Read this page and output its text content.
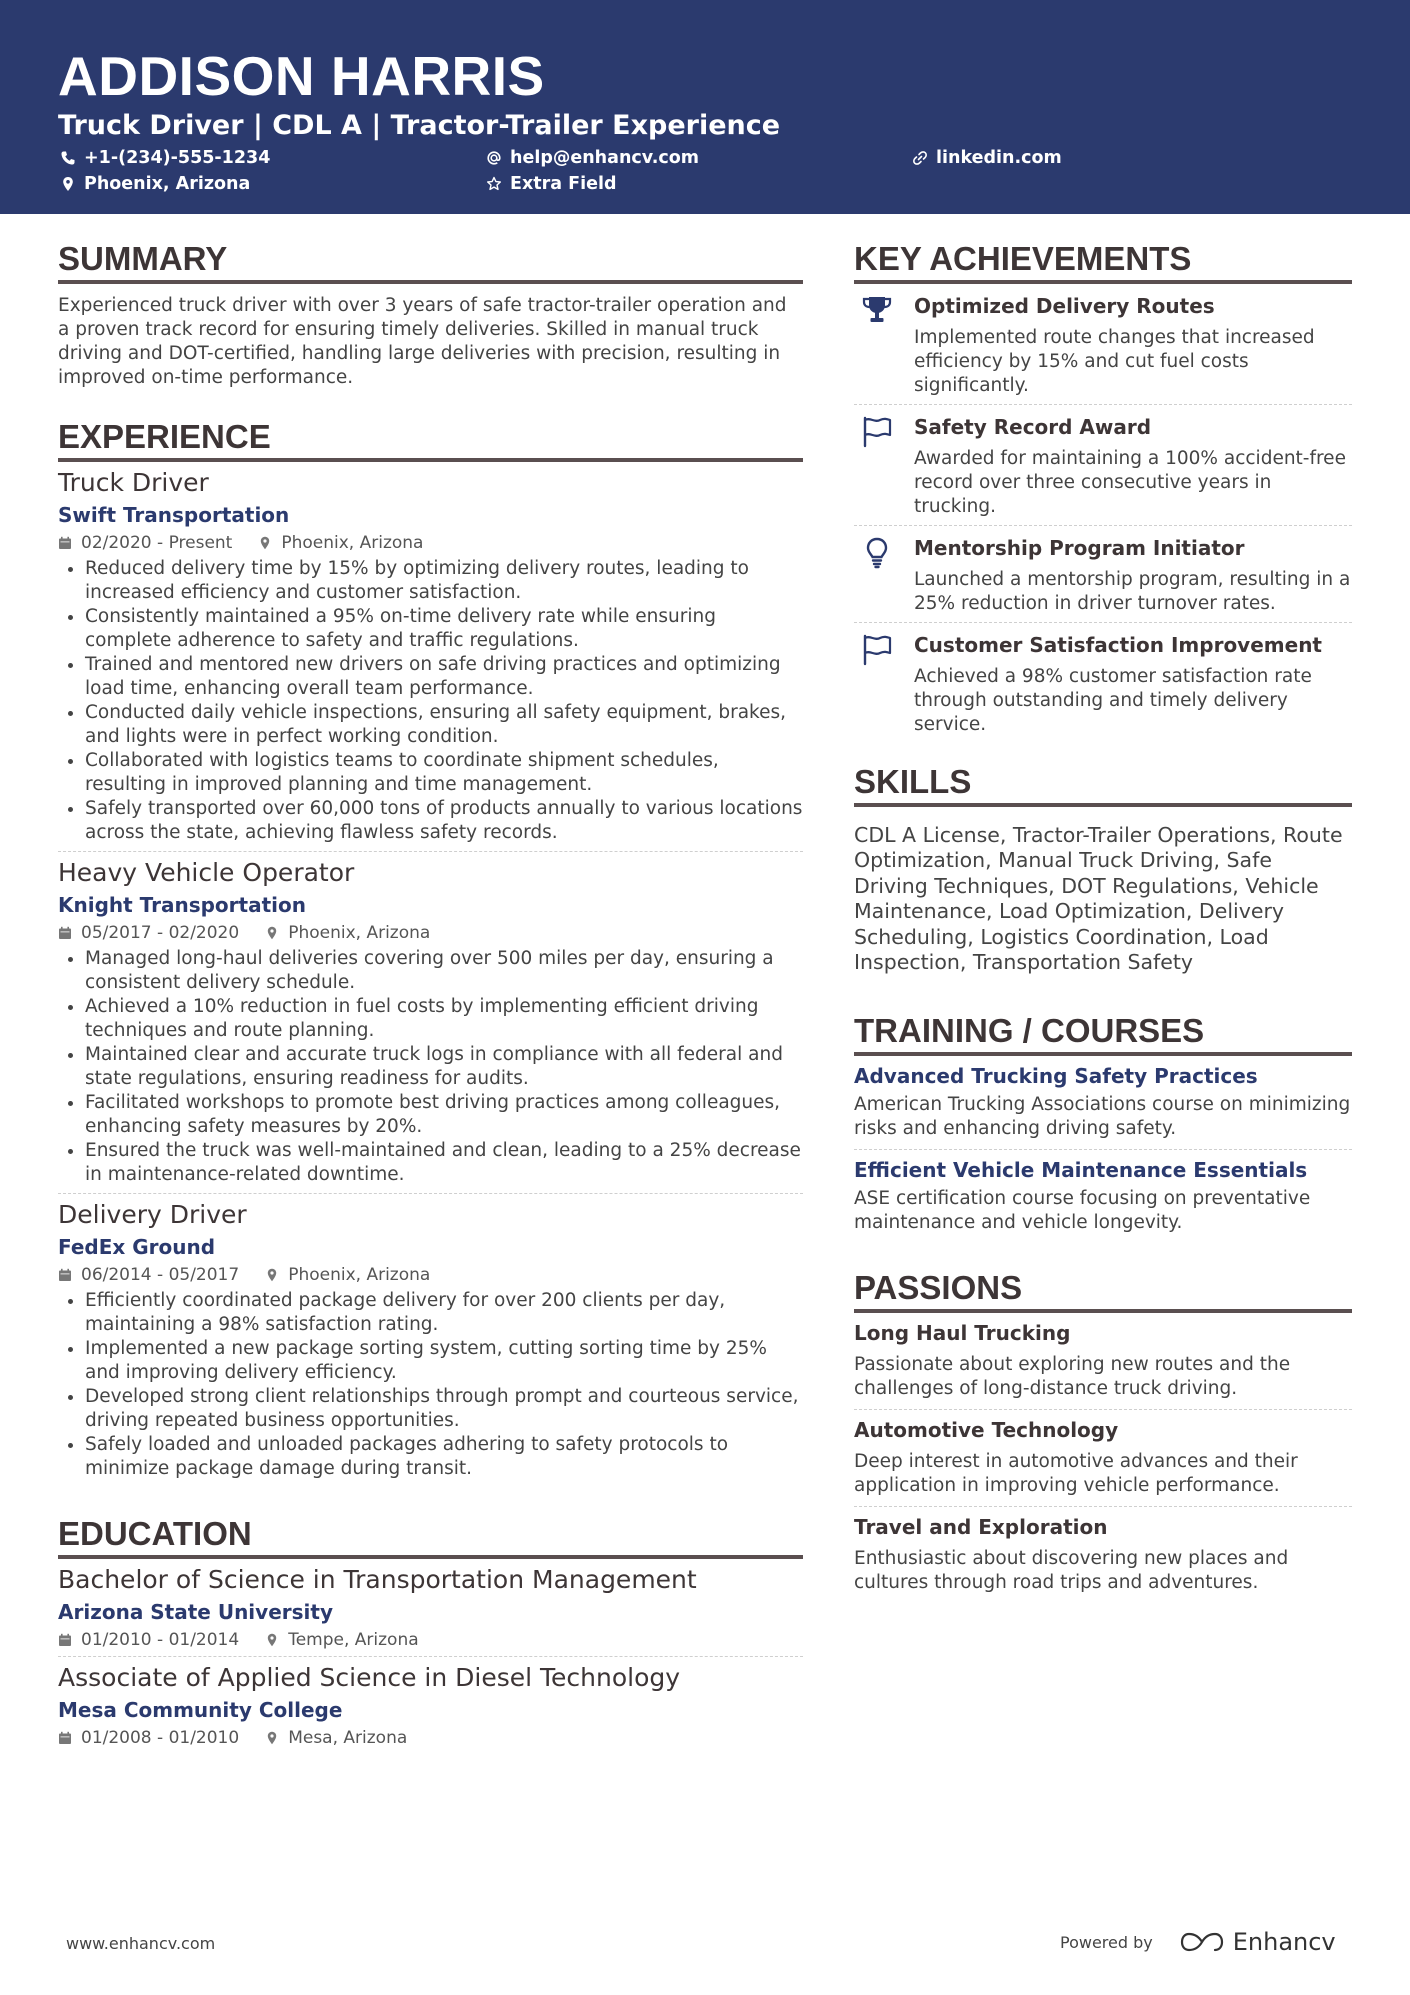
ADDISON HARRIS
Truck Driver | CDL A | Tractor-Trailer Experience
+1-(234)-555-1234	help@enhancv.com	linkedin.com
Phoenix, Arizona	Extra Field
SUMMARY

Experienced truck driver with over 3 years of safe tractor-trailer operation and a proven track record for ensuring timely deliveries. Skilled in manual truck driving and DOT-certified, handling large deliveries with precision, resulting in improved on-time performance.

EXPERIENCE
Truck Driver
Swift Transportation
02/2020 - Present	Phoenix, Arizona
• Reduced delivery time by 15% by optimizing delivery routes, leading to increased efficiency and customer satisfaction.
• Consistently maintained a 95% on-time delivery rate while ensuring complete adherence to safety and traffic regulations.
• Trained and mentored new drivers on safe driving practices and optimizing load time, enhancing overall team performance.
• Conducted daily vehicle inspections, ensuring all safety equipment, brakes, and lights were in perfect working condition.
• Collaborated with logistics teams to coordinate shipment schedules, resulting in improved planning and time management.
• Safely transported over 60,000 tons of products annually to various locations across the state, achieving flawless safety records.
Heavy Vehicle Operator
Knight Transportation
05/2017 - 02/2020	Phoenix, Arizona
• Managed long-haul deliveries covering over 500 miles per day, ensuring a consistent delivery schedule.
• Achieved a 10% reduction in fuel costs by implementing efficient driving techniques and route planning.
• Maintained clear and accurate truck logs in compliance with all federal and state regulations, ensuring readiness for audits.
• Facilitated workshops to promote best driving practices among colleagues, enhancing safety measures by 20%.
• Ensured the truck was well-maintained and clean, leading to a 25% decrease in maintenance-related downtime.
Delivery Driver
FedEx Ground
06/2014 - 05/2017	Phoenix, Arizona
• Efficiently coordinated package delivery for over 200 clients per day, maintaining a 98% satisfaction rating.
• Implemented a new package sorting system, cutting sorting time by 25% and improving delivery efficiency.
• Developed strong client relationships through prompt and courteous service, driving repeated business opportunities.
• Safely loaded and unloaded packages adhering to safety protocols to minimize package damage during transit.
EDUCATION
Bachelor of Science in Transportation Management
Arizona State University
01/2010 - 01/2014	Tempe, Arizona
Associate of Applied Science in Diesel Technology
Mesa Community College
01/2008 - 01/2010	Mesa, Arizona
KEY ACHIEVEMENTS
Optimized Delivery Routes
Implemented route changes that increased efficiency by 15% and cut fuel costs significantly.
Safety Record Award
Awarded for maintaining a 100% accident-free record over three consecutive years in trucking.
Mentorship Program Initiator
Launched a mentorship program, resulting in a 25% reduction in driver turnover rates.
Customer Satisfaction Improvement
Achieved a 98% customer satisfaction rate through outstanding and timely delivery service.
SKILLS
CDL A License, Tractor-Trailer Operations, Route Optimization, Manual Truck Driving, Safe Driving Techniques, DOT Regulations, Vehicle Maintenance, Load Optimization, Delivery Scheduling, Logistics Coordination, Load Inspection, Transportation Safety
TRAINING / COURSES
Advanced Trucking Safety Practices
American Trucking Associations course on minimizing risks and enhancing driving safety.
Efficient Vehicle Maintenance Essentials
ASE certification course focusing on preventative maintenance and vehicle longevity.
PASSIONS
Long Haul Trucking
Passionate about exploring new routes and the challenges of long-distance truck driving.
Automotive Technology
Deep interest in automotive advances and their application in improving vehicle performance.
Travel and Exploration
Enthusiastic about discovering new places and cultures through road trips and adventures.
www.enhancv.com	Powered by	Enhancv
